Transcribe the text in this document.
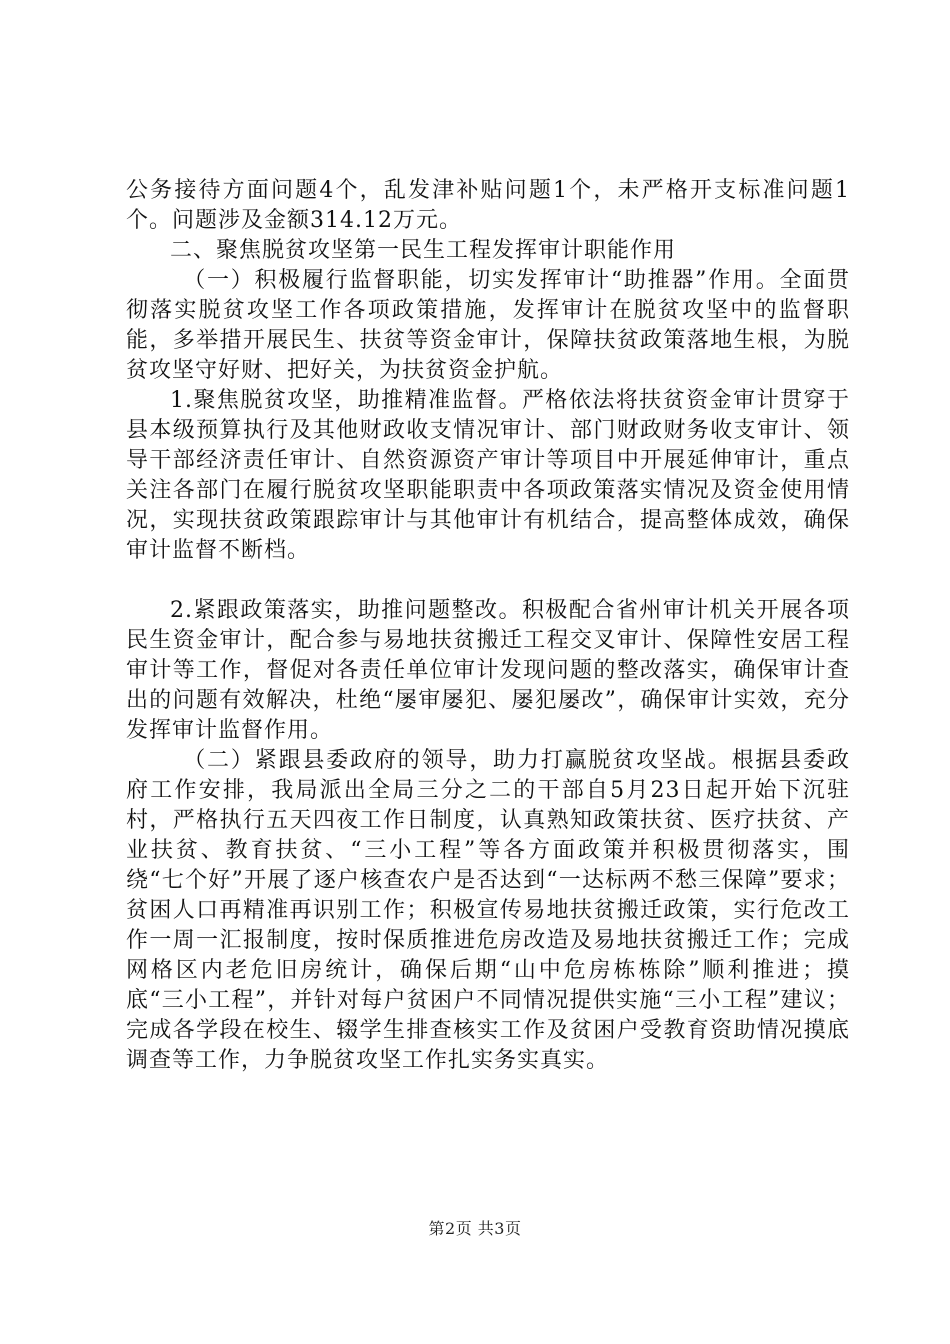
公务接待方面问题4个，乱发津补贴问题1个，未严格开支标准问题1个。问题涉及金额314.12万元。

二、聚焦脱贫攻坚第一民生工程发挥审计职能作用

（一）积极履行监督职能，切实发挥审计“助推器”作用。全面贯彻落实脱贫攻坚工作各项政策措施，发挥审计在脱贫攻坚中的监督职能，多举措开展民生、扶贫等资金审计，保障扶贫政策落地生根，为脱贫攻坚守好财、把好关，为扶贫资金护航。

1.聚焦脱贫攻坚，助推精准监督。严格依法将扶贫资金审计贯穿于县本级预算执行及其他财政收支情况审计、部门财政财务收支审计、领导干部经济责任审计、自然资源资产审计等项目中开展延伸审计，重点关注各部门在履行脱贫攻坚职能职责中各项政策落实情况及资金使用情况，实现扶贫政策跟踪审计与其他审计有机结合，提高整体成效，确保审计监督不断档。

2.紧跟政策落实，助推问题整改。积极配合省州审计机关开展各项民生资金审计，配合参与易地扶贫搬迁工程交叉审计、保障性安居工程审计等工作，督促对各责任单位审计发现问题的整改落实，确保审计查出的问题有效解决，杜绝“屡审屡犯、屡犯屡改”，确保审计实效，充分发挥审计监督作用。

（二）紧跟县委政府的领导，助力打赢脱贫攻坚战。根据县委政府工作安排，我局派出全局三分之二的干部自5月23日起开始下沉驻村，严格执行五天四夜工作日制度，认真熟知政策扶贫、医疗扶贫、产业扶贫、教育扶贫、“三小工程”等各方面政策并积极贯彻落实，围绕“七个好”开展了逐户核查农户是否达到“一达标两不愁三保障”要求；贫困人口再精准再识别工作；积极宣传易地扶贫搬迁政策，实行危改工作一周一汇报制度，按时保质推进危房改造及易地扶贫搬迁工作；完成网格区内老危旧房统计，确保后期“山中危房栋栋除”顺利推进；摸底“三小工程”，并针对每户贫困户不同情况提供实施“三小工程”建议；完成各学段在校生、辍学生排查核实工作及贫困户受教育资助情况摸底调查等工作，力争脱贫攻坚工作扎实务实真实。

第2页 共3页
